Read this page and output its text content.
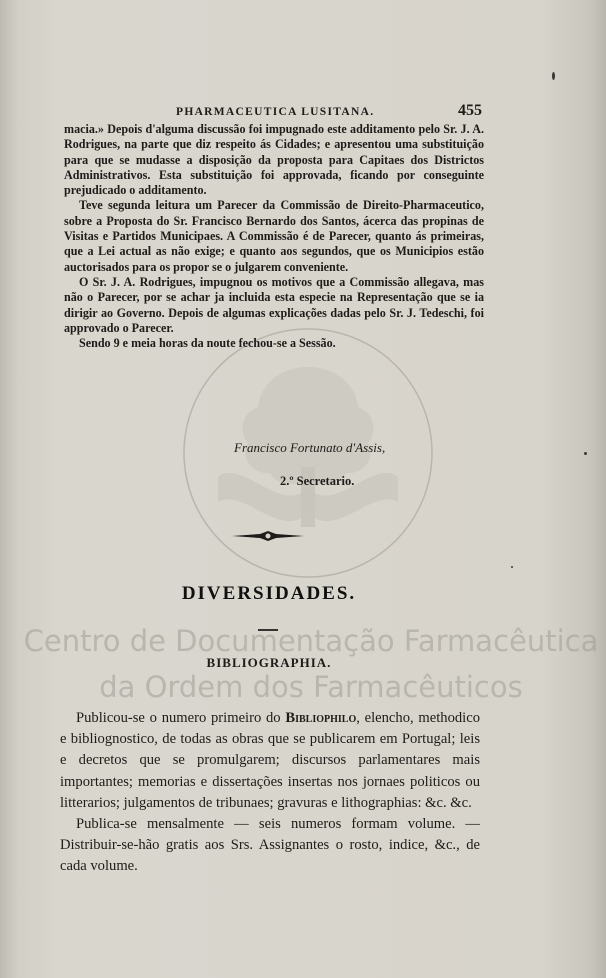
PHARMACEUTICA LUSITANA.	455

macia.» Depois d'alguma discussão foi impugnado este additamento pelo Sr. J. A. Rodrigues, na parte que diz respeito ás Cidades; e apresentou uma substituição para que se mudasse a disposição da proposta para Capitaes dos Districtos Administrativos. Esta substituição foi approvada, ficando por conseguinte prejudicado o additamento.

Teve segunda leitura um Parecer da Commissão de Direito-Pharmaceutico, sobre a Proposta do Sr. Francisco Bernardo dos Santos, ácerca das propinas de Visitas e Partidos Municipaes. A Commissão é de Parecer, quanto ás primeiras, que a Lei actual as não exige; e quanto aos segundos, que os Municipios estão auctorisados para os propor se o julgarem conveniente.

O Sr. J. A. Rodrigues, impugnou os motivos que a Commissão allegava, mas não o Parecer, por se achar ja incluida esta especie na Representação que se ia dirigir ao Governo. Depois de algumas explicações dadas pelo Sr. J. Tedeschi, foi approvado o Parecer.

Sendo 9 e meia horas da noute fechou-se a Sessão.

Francisco Fortunato d'Assis,
2.º Secretario.
DIVERSIDADES.
Centro de Documentação Farmacêutica
da Ordem dos Farmacêuticos
BIBLIOGRAPHIA.

Publicou-se o numero primeiro do Bibliophilo, elencho, methodico e bibliognostico, de todas as obras que se publicarem em Portugal; leis e decretos que se promulgarem; discursos parlamentares mais importantes; memorias e dissertações insertas nos jornaes politicos ou litterarios; julgamentos de tribunaes; gravuras e lithographias: &c. &c.

Publica-se mensalmente — seis numeros formam volume. — Distribuir-se-hão gratis aos Srs. Assignantes o rosto, indice, &c., de cada volume.
